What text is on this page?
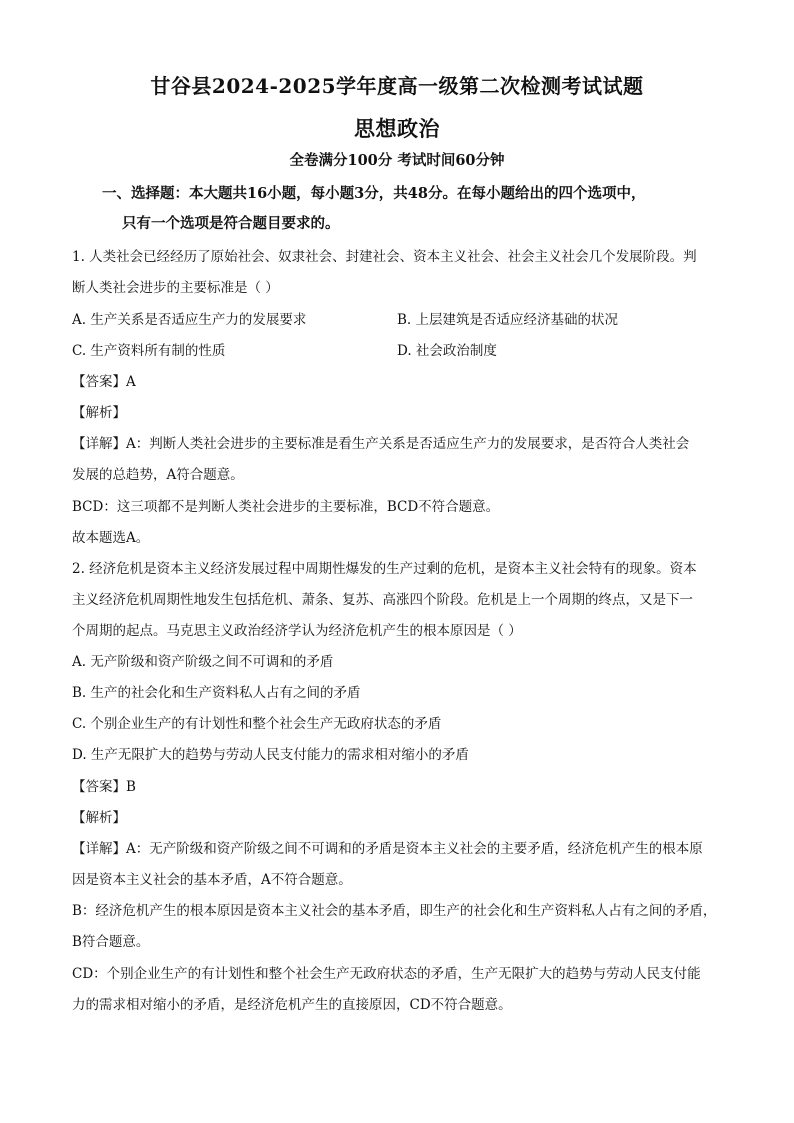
甘谷县2024-2025学年度高一级第二次检测考试试题
思想政治
全卷满分100分 考试时间60分钟
一、选择题：本大题共16小题，每小题3分，共48分。在每小题给出的四个选项中，
只有一个选项是符合题目要求的。
1. 人类社会已经经历了原始社会、奴隶社会、封建社会、资本主义社会、社会主义社会几个发展阶段。判
断人类社会进步的主要标准是（ ）
A. 生产关系是否适应生产力的发展要求	B. 上层建筑是否适应经济基础的状况
C. 生产资料所有制的性质	D. 社会政治制度
【答案】A
【解析】
【详解】A：判断人类社会进步的主要标准是看生产关系是否适应生产力的发展要求，是否符合人类社会
发展的总趋势，A符合题意。
BCD：这三项都不是判断人类社会进步的主要标准，BCD不符合题意。
故本题选A。
2. 经济危机是资本主义经济发展过程中周期性爆发的生产过剩的危机，是资本主义社会特有的现象。资本
主义经济危机周期性地发生包括危机、萧条、复苏、高涨四个阶段。危机是上一个周期的终点，又是下一
个周期的起点。马克思主义政治经济学认为经济危机产生的根本原因是（ ）
A. 无产阶级和资产阶级之间不可调和的矛盾
B. 生产的社会化和生产资料私人占有之间的矛盾
C. 个别企业生产的有计划性和整个社会生产无政府状态的矛盾
D. 生产无限扩大的趋势与劳动人民支付能力的需求相对缩小的矛盾
【答案】B
【解析】
【详解】A：无产阶级和资产阶级之间不可调和的矛盾是资本主义社会的主要矛盾，经济危机产生的根本原
因是资本主义社会的基本矛盾，A不符合题意。
B：经济危机产生的根本原因是资本主义社会的基本矛盾，即生产的社会化和生产资料私人占有之间的矛盾，
B符合题意。
CD：个别企业生产的有计划性和整个社会生产无政府状态的矛盾，生产无限扩大的趋势与劳动人民支付能
力的需求相对缩小的矛盾，是经济危机产生的直接原因，CD不符合题意。
